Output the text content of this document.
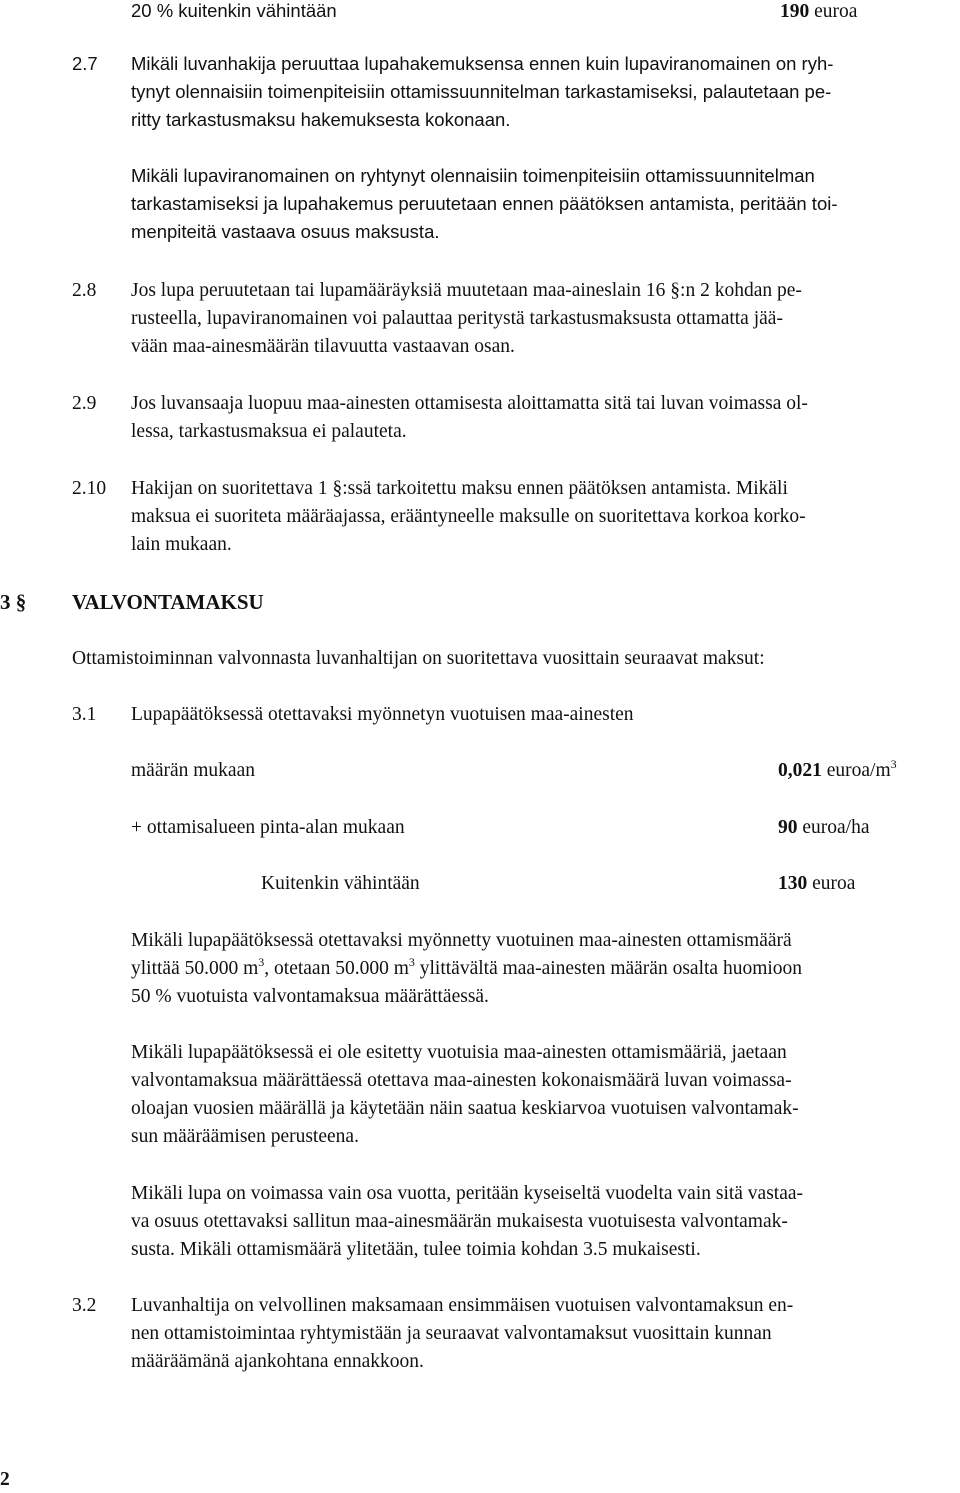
20 % kuitenkin vähintään	190 euroa
2.7 Mikäli luvanhakija peruuttaa lupahakemuksensa ennen kuin lupaviranomainen on ryh-
tynyt olennaisiin toimenpiteisiin ottamissuunnitelman tarkastamiseksi, palautetaan pe-
ritty tarkastusmaksu hakemuksesta kokonaan.
Mikäli lupaviranomainen on ryhtynyt olennaisiin toimenpiteisiin ottamissuunnitelman
tarkastamiseksi ja lupahakemus peruutetaan ennen päätöksen antamista, peritään toi-
menpiteitä vastaava osuus maksusta.
2.8 Jos lupa peruutetaan tai lupamääräyksiä muutetaan maa-aineslain 16 §:n 2 kohdan pe-
rusteella, lupaviranomainen voi palauttaa peritystä tarkastusmaksusta ottamatta jää-
vään maa-ainesmäärän tilavuutta vastaavan osan.
2.9 Jos luvansaaja luopuu maa-ainesten ottamisesta aloittamatta sitä tai luvan voimassa ol-
lessa, tarkastusmaksua ei palauteta.
2.10 Hakijan on suoritettava 1 §:ssä tarkoitettu maksu ennen päätöksen antamista. Mikäli
maksua ei suoriteta määräajassa, erääntyneelle maksulle on suoritettava korkoa korko-
lain mukaan.
3 § VALVONTAMAKSU
Ottamistoiminnan valvonnasta luvanhaltijan on suoritettava vuosittain seuraavat maksut:
3.1 Lupapäätöksessä otettavaksi myönnetyn vuotuisen maa-ainesten
määrän mukaan	0,021 euroa/$m^3$
+ ottamisalueen pinta-alan mukaan	90 euroa/ha
Kuitenkin vähintään	130 euroa
Mikäli lupapäätöksessä otettavaksi myönnetty vuotuinen maa-ainesten ottamismäärä
ylittää 50.000 $m^3$, otetaan 50.000 $m^3$ ylittävältä maa-ainesten määrän osalta huomioon
50 % vuotuista valvontamaksua määrättäessä.
Mikäli lupapäätöksessä ei ole esitetty vuotuisia maa-ainesten ottamismääriä, jaetaan
valvontamaksua määrättäessä otettava maa-ainesten kokonaismäärä luvan voimassa-
oloajan vuosien määrällä ja käytetään näin saatua keskiarvoa vuotuisen valvontamak-
sun määräämisen perusteena.
Mikäli lupa on voimassa vain osa vuotta, peritään kyseiseltä vuodelta vain sitä vastaa-
va osuus otettavaksi sallitun maa-ainesmäärän mukaisesta vuotuisesta valvontamak-
susta. Mikäli ottamismäärä ylitetään, tulee toimia kohdan 3.5 mukaisesti.
3.2 Luvanhaltija on velvollinen maksamaan ensimmäisen vuotuisen valvontamaksun en-
nen ottamistoimintaa ryhtymistään ja seuraavat valvontamaksut vuosittain kunnan
määräämänä ajankohtana ennakkoon.
2
